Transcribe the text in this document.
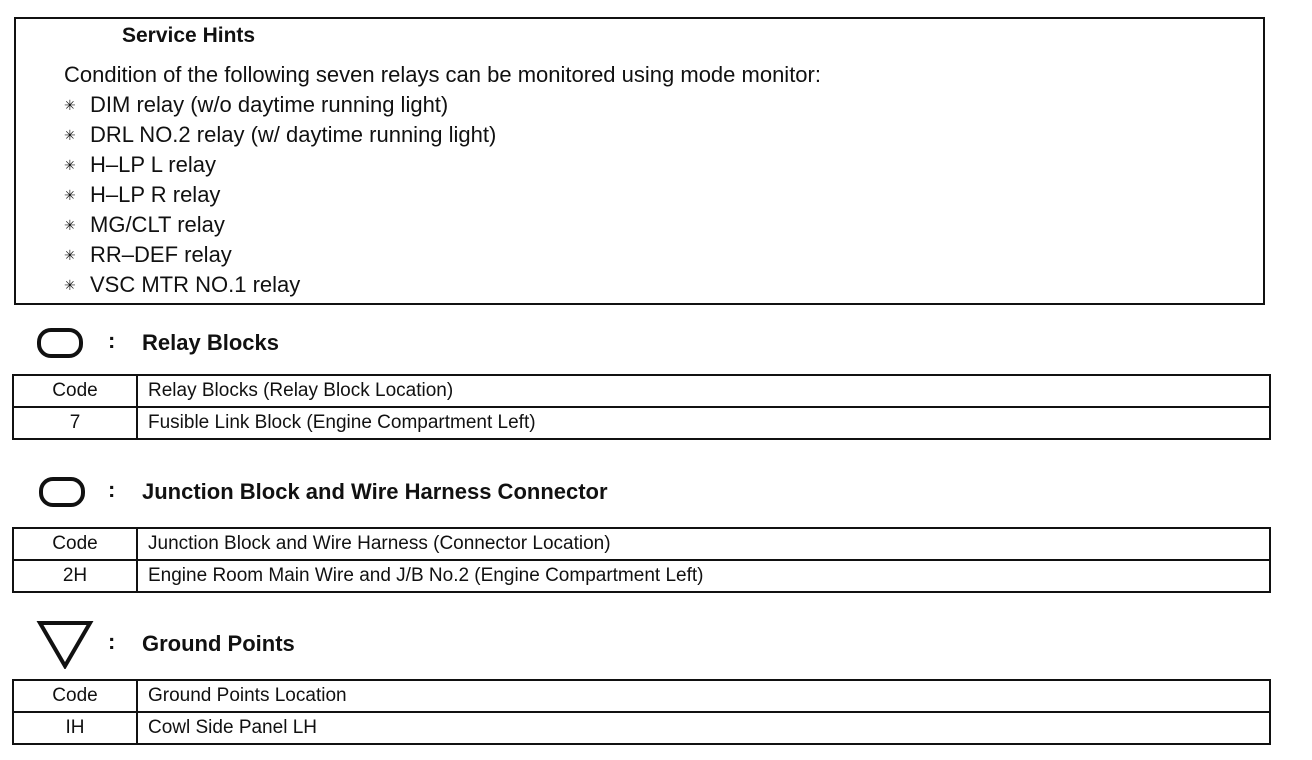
Service Hints

Condition of the following seven relays can be monitored using mode monitor:

✳ DIM relay (w/o daytime running light)
✳ DRL NO.2 relay (w/ daytime running light)
✳ H–LP L relay
✳ H–LP R relay
✳ MG/CLT relay
✳ RR–DEF relay
✳ VSC MTR NO.1 relay
:	Relay Blocks
Code	Relay Blocks (Relay Block Location)
7	Fusible Link Block (Engine Compartment Left)
:	Junction Block and Wire Harness Connector
Code	Junction Block and Wire Harness (Connector Location)
2H	Engine Room Main Wire and J/B No.2 (Engine Compartment Left)
:	Ground Points
Code	Ground Points Location
IH	Cowl Side Panel LH
